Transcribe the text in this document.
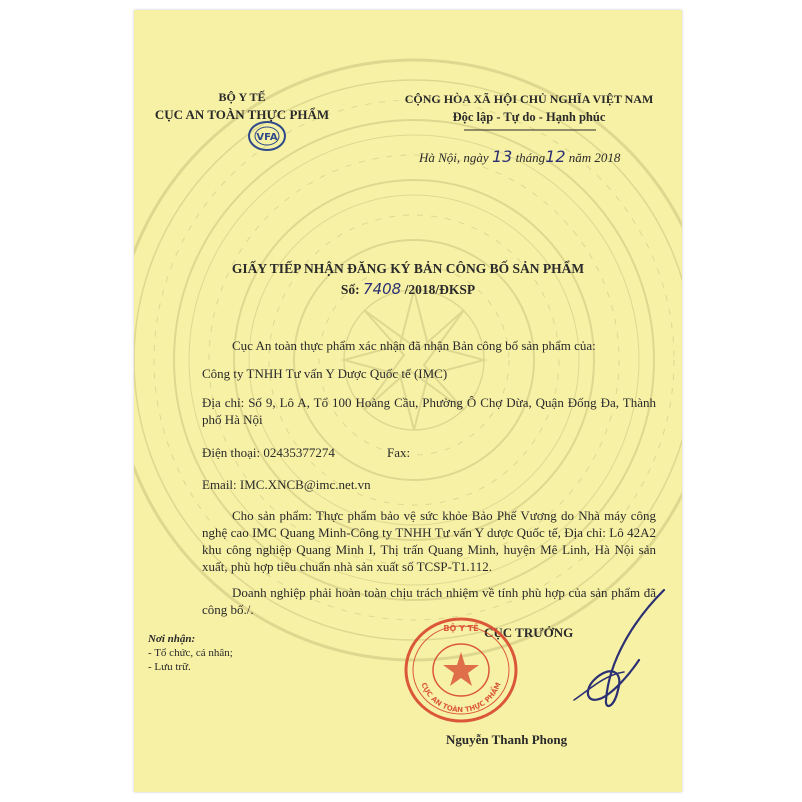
BỘ Y TẾ
CỤC AN TOÀN THỰC PHẨM
VFA
CỘNG HÒA XÃ HỘI CHỦ NGHĨA VIỆT NAM
Độc lập - Tự do - Hạnh phúc
Hà Nội, ngày 13 tháng12 năm 2018
GIẤY TIẾP NHẬN ĐĂNG KÝ BẢN CÔNG BỐ SẢN PHẨM
Số: 7408 /2018/ĐKSP
Cục An toàn thực phẩm xác nhận đã nhận Bản công bố sản phẩm của:
Công ty TNHH Tư vấn Y Dược Quốc tế (IMC)
Địa chỉ: Số 9, Lô A, Tổ 100 Hoàng Cầu, Phường Ô Chợ Dừa, Quận Đống Đa, Thành phố Hà Nội
Điện thoại: 02435377274	Fax:
Email: IMC.XNCB@imc.net.vn
Cho sản phẩm: Thực phẩm bảo vệ sức khỏe Bảo Phế Vương do Nhà máy công nghệ cao IMC Quang Minh-Công ty TNHH Tư vấn Y dược Quốc tế, Địa chỉ: Lô 42A2 khu công nghiệp Quang Minh I, Thị trấn Quang Minh, huyện Mê Linh, Hà Nội sản xuất, phù hợp tiêu chuẩn nhà sản xuất số TCSP-T1.112.
Doanh nghiệp phải hoàn toàn chịu trách nhiệm về tính phù hợp của sản phẩm đã công bố./.
Nơi nhận:
- Tổ chức, cá nhân;
- Lưu trữ.
CỤC TRƯỞNG
BỘ Y TẾ
CỤC AN TOÀN THỰC PHẨM
Nguyễn Thanh Phong
